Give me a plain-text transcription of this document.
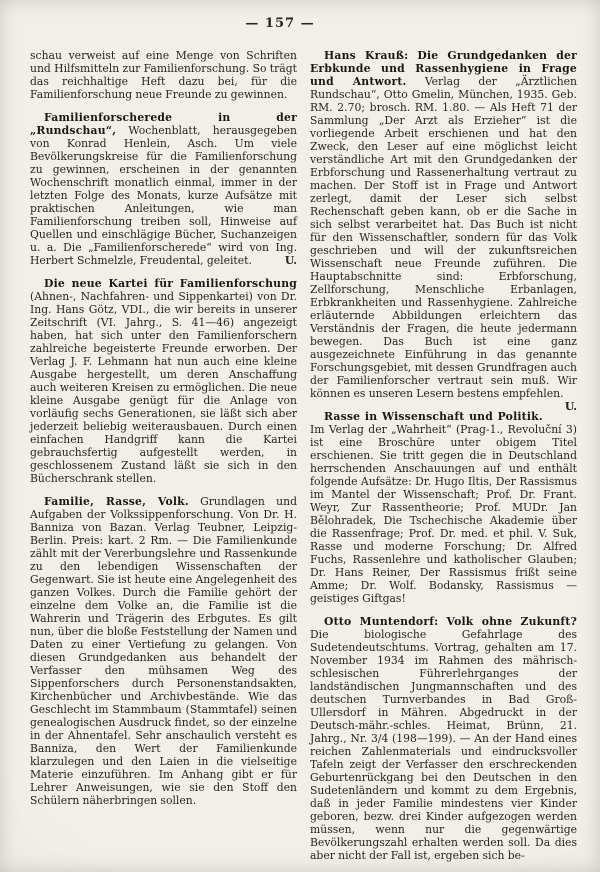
— 157 —

schau verweist auf eine Menge von Schriften und Hilfsmitteln zur Familienforschung. So trägt das reichhaltige Heft dazu bei, für die Familienforschung neue Freunde zu gewinnen.

Familienforscherede in der „Rundschau“, Wochenblatt, herausgegeben von Konrad Henlein, Asch. Um viele Bevölkerungskreise für die Familienforschung zu gewinnen, erscheinen in der genannten Wochenschrift monatlich einmal, immer in der letzten Folge des Monats, kurze Aufsätze mit praktischen Anleitungen, wie man Familienforschung treiben soll, Hinweise auf Quellen und einschlägige Bücher, Suchanzeigen u. a. Die „Familienforscherede“ wird von Ing. Herbert Schmelzle, Freudental, geleitet.	U.

Die neue Kartei für Familienforschung (Ahnen-, Nachfahren- und Sippenkartei) von Dr. Ing. Hans Götz, VDI., die wir bereits in unserer Zeitschrift (VI. Jahrg., S. 41—46) angezeigt haben, hat sich unter den Familienforschern zahlreiche begeisterte Freunde erworben. Der Verlag J. F. Lehmann hat nun auch eine kleine Ausgabe hergestellt, um deren Anschaffung auch weiteren Kreisen zu ermöglichen. Die neue kleine Ausgabe genügt für die Anlage von vorläufig sechs Generationen, sie läßt sich aber jederzeit beliebig weiterausbauen. Durch einen einfachen Handgriff kann die Kartei gebrauchsfertig aufgestellt werden, in geschlossenem Zustand läßt sie sich in den Bücherschrank stellen.

Familie, Rasse, Volk. Grundlagen und Aufgaben der Volkssippenforschung. Von Dr. H. Banniza von Bazan. Verlag Teubner, Leipzig-Berlin. Preis: kart. 2 Rm. — Die Familienkunde zählt mit der Vererbungslehre und Rassenkunde zu den lebendigen Wissenschaften der Gegenwart. Sie ist heute eine Angelegenheit des ganzen Volkes. Durch die Familie gehört der einzelne dem Volke an, die Familie ist die Wahrerin und Trägerin des Erbgutes. Es gilt nun, über die bloße Feststellung der Namen und Daten zu einer Vertiefung zu gelangen. Von diesen Grundgedanken aus behandelt der Verfasser den mühsamen Weg des Sippenforschers durch Personenstandsakten, Kirchenbücher und Archivbestände. Wie das Geschlecht im Stammbaum (Stammtafel) seinen genealogischen Ausdruck findet, so der einzelne in der Ahnentafel. Sehr anschaulich versteht es Banniza, den Wert der Familienkunde klarzulegen und den Laien in die vielseitige Materie einzuführen. Im Anhang gibt er für Lehrer Anweisungen, wie sie den Stoff den Schülern näherbringen sollen.

Hans Krauß: Die Grundgedanken der Erbkunde und Rassenhygiene in Frage und Antwort. Verlag der „Ärztlichen Rundschau“, Otto Gmelin, München, 1935. Geb. RM. 2.70; brosch. RM. 1.80. — Als Heft 71 der Sammlung „Der Arzt als Erzieher“ ist die vorliegende Arbeit erschienen und hat den Zweck, den Leser auf eine möglichst leicht verständliche Art mit den Grundgedanken der Erbforschung und Rassenerhaltung vertraut zu machen. Der Stoff ist in Frage und Antwort zerlegt, damit der Leser sich selbst Rechenschaft geben kann, ob er die Sache in sich selbst verarbeitet hat. Das Buch ist nicht für den Wissenschaftler, sondern für das Volk geschrieben und will der zukunftsreichen Wissenschaft neue Freunde zuführen. Die Hauptabschnitte sind: Erbforschung, Zellforschung, Menschliche Erbanlagen, Erbkrankheiten und Rassenhygiene. Zahlreiche erläuternde Abbildungen erleichtern das Verständnis der Fragen, die heute jedermann bewegen. Das Buch ist eine ganz ausgezeichnete Einführung in das genannte Forschungsgebiet, mit dessen Grundfragen auch der Familienforscher vertraut sein muß. Wir können es unseren Lesern bestens empfehlen.
U.

Rasse in Wissenschaft und Politik. Im Verlag der „Wahrheit“ (Prag-1., Revoluční 3) ist eine Broschüre unter obigem Titel erschienen. Sie tritt gegen die in Deutschland herrschenden Anschauungen auf und enthält folgende Aufsätze: Dr. Hugo Iltis, Der Rassismus im Mantel der Wissenschaft; Prof. Dr. Frant. Weyr, Zur Rassentheorie; Prof. MUDr. Jan Bělohradek, Die Tschechische Akademie über die Rassenfrage; Prof. Dr. med. et phil. V. Suk, Rasse und moderne Forschung; Dr. Alfred Fuchs, Rassenlehre und katholischer Glauben; Dr. Hans Reiner, Der Rassismus frißt seine Amme; Dr. Wolf. Bodansky, Rassismus — geistiges Giftgas!

Otto Muntendorf: Volk ohne Zukunft? Die biologische Gefahrlage des Sudetendeutschtums. Vortrag, gehalten am 17. November 1934 im Rahmen des mährisch-schlesischen Führerlehrganges der landständischen Jungmannschaften und des deutschen Turnverbandes in Bad Groß-Ullersdorf in Mähren. Abgedruckt in der Deutsch-mähr.-schles. Heimat, Brünn, 21. Jahrg., Nr. 3/4 (198—199). — An der Hand eines reichen Zahlenmaterials und eindrucksvoller Tafeln zeigt der Verfasser den erschreckenden Geburtenrückgang bei den Deutschen in den Sudetenländern und kommt zu dem Ergebnis, daß in jeder Familie mindestens vier Kinder geboren, bezw. drei Kinder aufgezogen werden müssen, wenn nur die gegenwärtige Bevölkerungszahl erhalten werden soll. Da dies aber nicht der Fall ist, ergeben sich be-
